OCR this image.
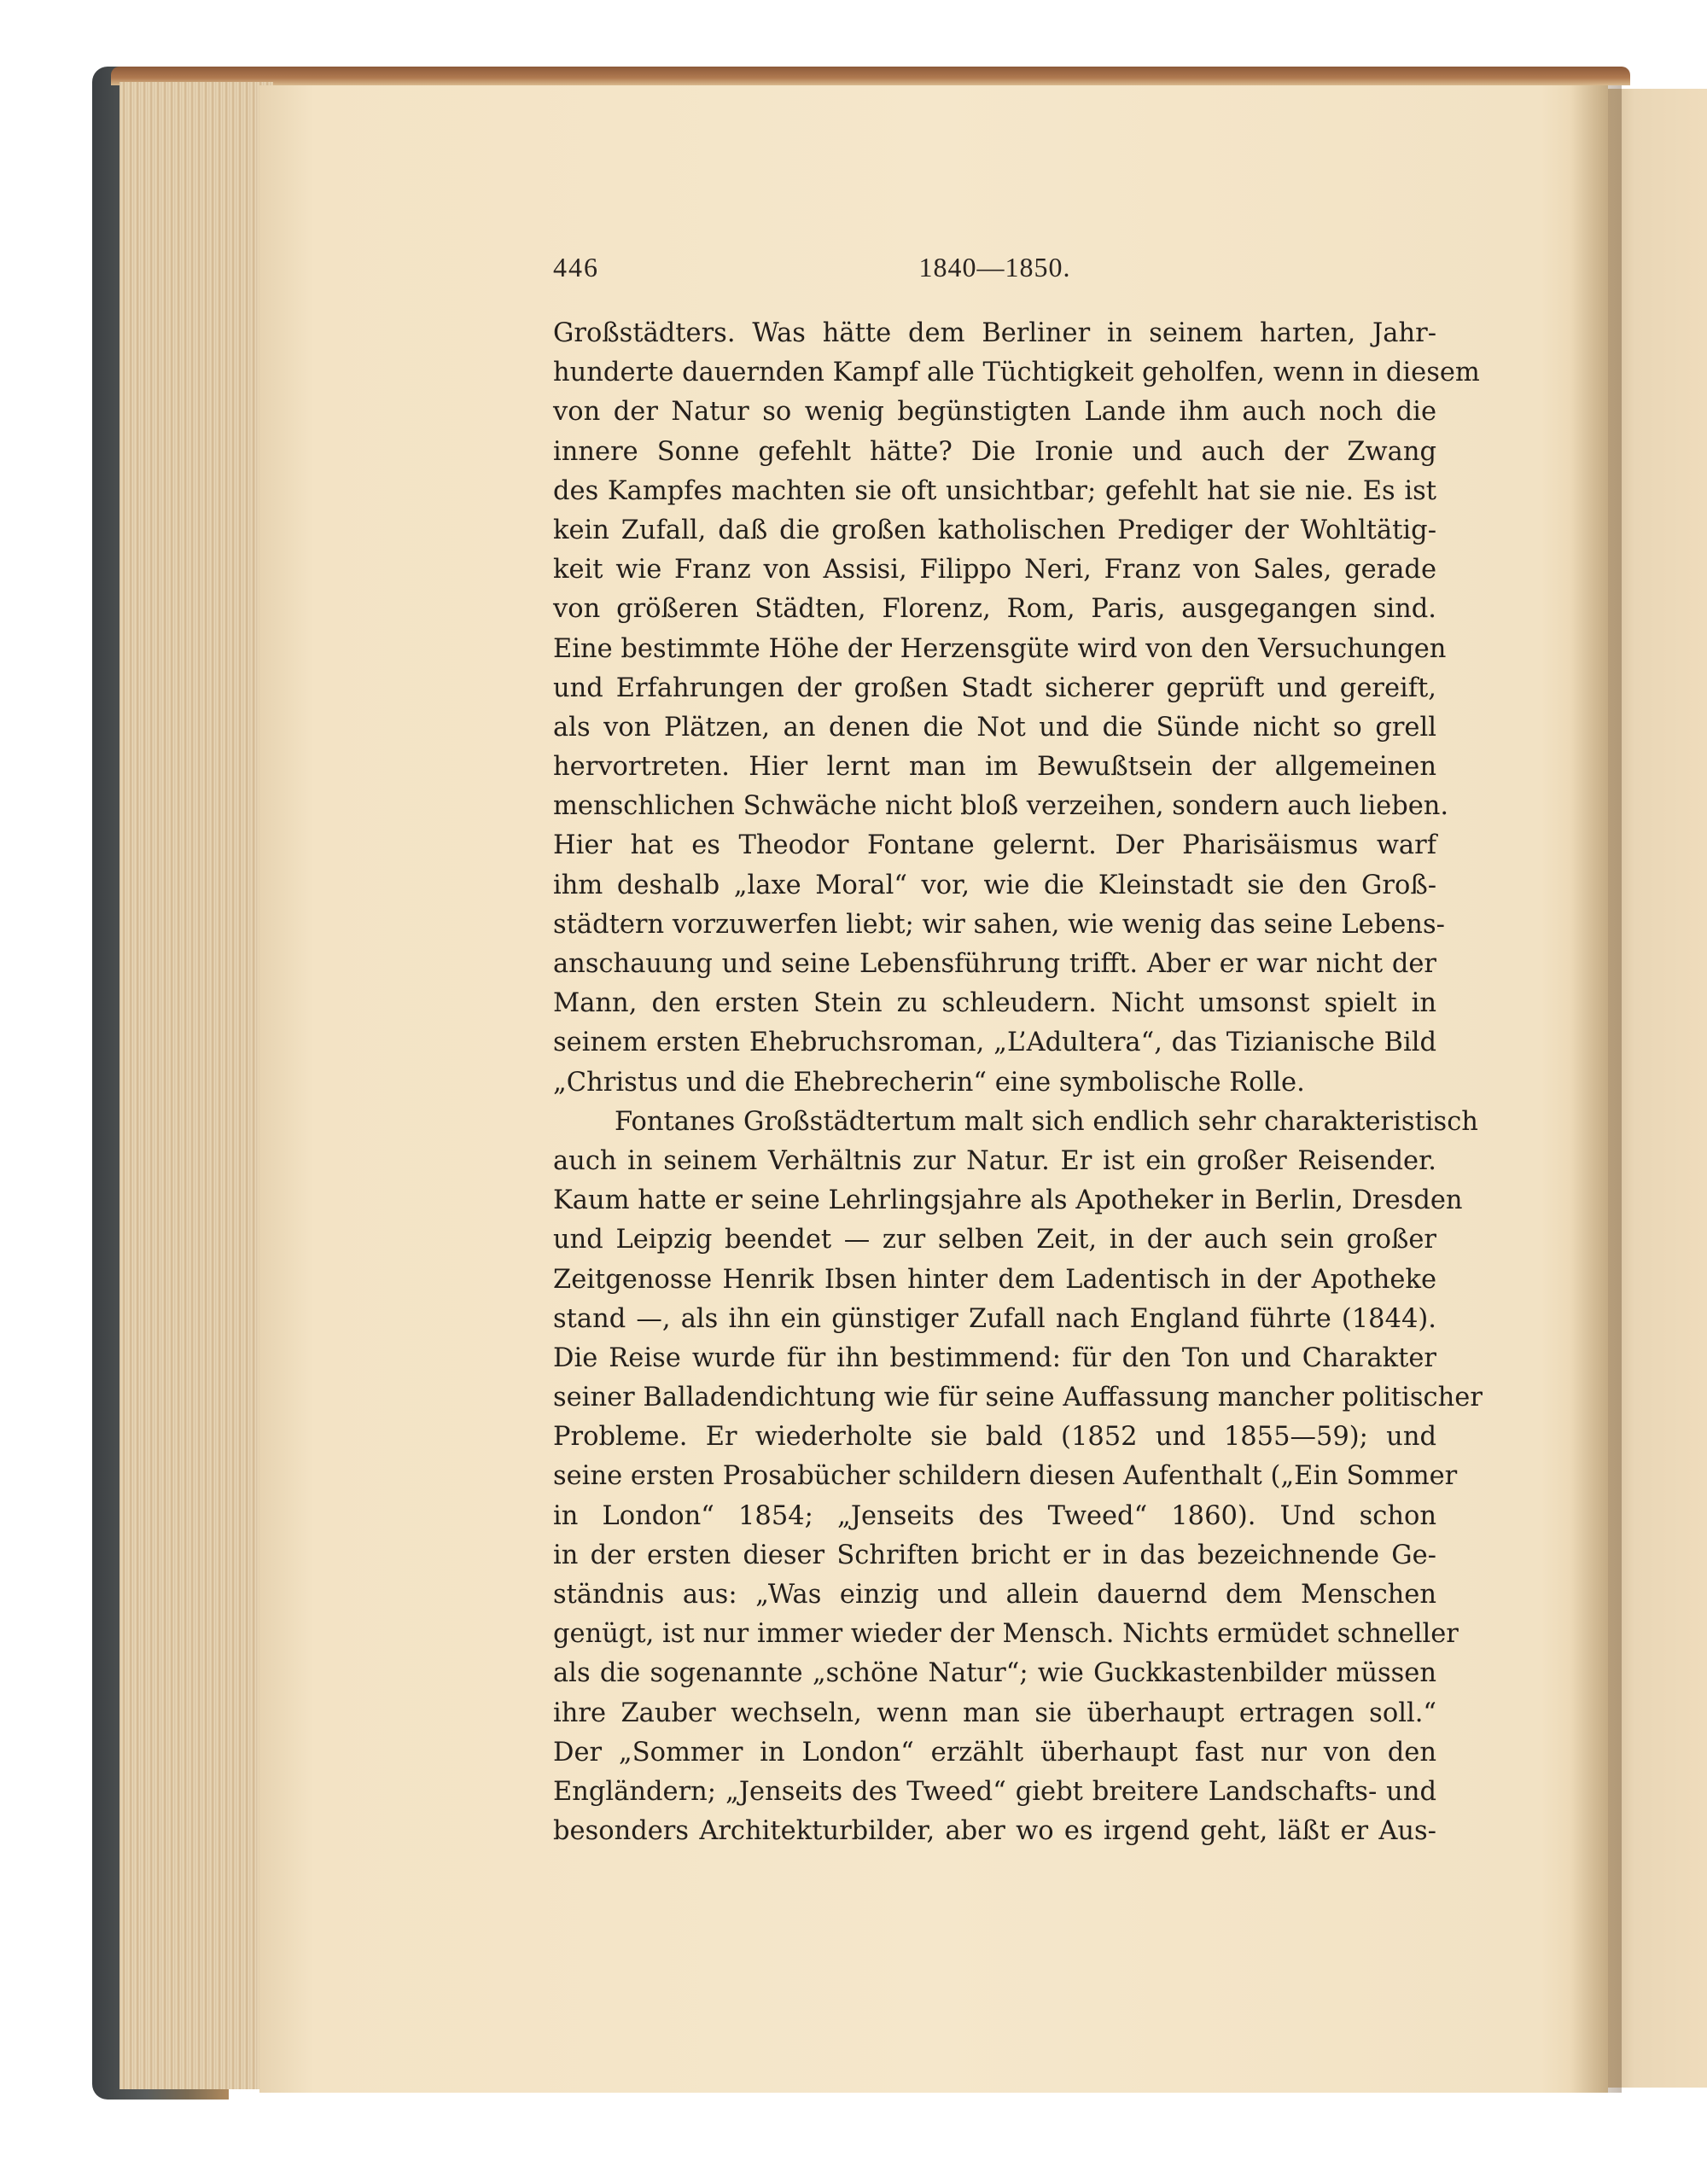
446	1840—1850.
Großstädters. Was hätte dem Berliner in seinem harten, Jahr-
hunderte dauernden Kampf alle Tüchtigkeit geholfen, wenn in diesem
von der Natur so wenig begünstigten Lande ihm auch noch die
innere Sonne gefehlt hätte? Die Ironie und auch der Zwang
des Kampfes machten sie oft unsichtbar; gefehlt hat sie nie. Es ist
kein Zufall, daß die großen katholischen Prediger der Wohltätig-
keit wie Franz von Assisi, Filippo Neri, Franz von Sales, gerade
von größeren Städten, Florenz, Rom, Paris, ausgegangen sind.
Eine bestimmte Höhe der Herzensgüte wird von den Versuchungen
und Erfahrungen der großen Stadt sicherer geprüft und gereift,
als von Plätzen, an denen die Not und die Sünde nicht so grell
hervortreten. Hier lernt man im Bewußtsein der allgemeinen
menschlichen Schwäche nicht bloß verzeihen, sondern auch lieben.
Hier hat es Theodor Fontane gelernt. Der Pharisäismus warf
ihm deshalb „laxe Moral“ vor, wie die Kleinstadt sie den Groß-
städtern vorzuwerfen liebt; wir sahen, wie wenig das seine Lebens-
anschauung und seine Lebensführung trifft. Aber er war nicht der
Mann, den ersten Stein zu schleudern. Nicht umsonst spielt in
seinem ersten Ehebruchsroman, „L’Adultera“, das Tizianische Bild
„Christus und die Ehebrecherin“ eine symbolische Rolle.
Fontanes Großstädtertum malt sich endlich sehr charakteristisch
auch in seinem Verhältnis zur Natur. Er ist ein großer Reisender.
Kaum hatte er seine Lehrlingsjahre als Apotheker in Berlin, Dresden
und Leipzig beendet — zur selben Zeit, in der auch sein großer
Zeitgenosse Henrik Ibsen hinter dem Ladentisch in der Apotheke
stand —, als ihn ein günstiger Zufall nach England führte (1844).
Die Reise wurde für ihn bestimmend: für den Ton und Charakter
seiner Balladendichtung wie für seine Auffassung mancher politischer
Probleme. Er wiederholte sie bald (1852 und 1855—59); und
seine ersten Prosabücher schildern diesen Aufenthalt („Ein Sommer
in London“ 1854; „Jenseits des Tweed“ 1860). Und schon
in der ersten dieser Schriften bricht er in das bezeichnende Ge-
ständnis aus: „Was einzig und allein dauernd dem Menschen
genügt, ist nur immer wieder der Mensch. Nichts ermüdet schneller
als die sogenannte „schöne Natur“; wie Guckkastenbilder müssen
ihre Zauber wechseln, wenn man sie überhaupt ertragen soll.“
Der „Sommer in London“ erzählt überhaupt fast nur von den
Engländern; „Jenseits des Tweed“ giebt breitere Landschafts- und
besonders Architekturbilder, aber wo es irgend geht, läßt er Aus-
